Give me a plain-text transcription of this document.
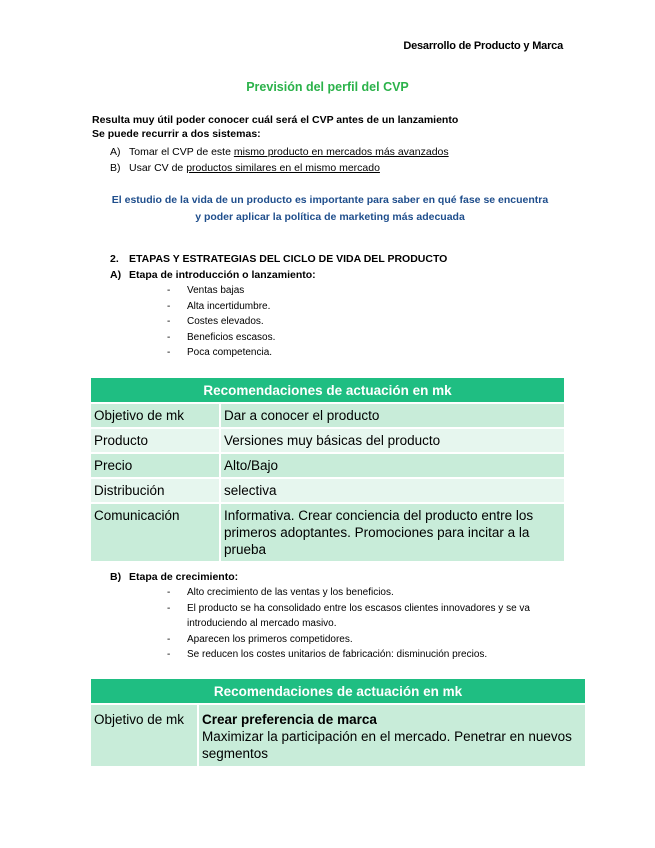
Desarrollo de Producto y Marca
Previsión del perfil del CVP
Resulta muy útil poder conocer cuál será el CVP antes de un lanzamiento
Se puede recurrir a dos sistemas:
A) Tomar el CVP de este mismo producto en mercados más avanzados
B) Usar CV de productos similares en el mismo mercado
El estudio de la vida de un producto es importante para saber en qué fase se encuentra
y poder aplicar la política de marketing más adecuada
2. ETAPAS Y ESTRATEGIAS DEL CICLO DE VIDA DEL PRODUCTO
A) Etapa de introducción o lanzamiento:
- Ventas bajas
- Alta incertidumbre.
- Costes elevados.
- Beneficios escasos.
- Poca competencia.
Recomendaciones de actuación en mk	
Objetivo de mk	Dar a conocer el producto
Producto	Versiones muy básicas del producto
Precio	Alto/Bajo
Distribución	selectiva
Comunicación	Informativa. Crear conciencia del producto entre los primeros adoptantes. Promociones para incitar a la prueba
B) Etapa de crecimiento:
- Alto crecimiento de las ventas y los beneficios.
- El producto se ha consolidado entre los escasos clientes innovadores y se va introduciendo al mercado masivo.
- Aparecen los primeros competidores.
- Se reducen los costes unitarios de fabricación: disminución precios.
Recomendaciones de actuación en mk
Objetivo de mk	Crear preferencia de marca
Maximizar la participación en el mercado. Penetrar en nuevos segmentos
